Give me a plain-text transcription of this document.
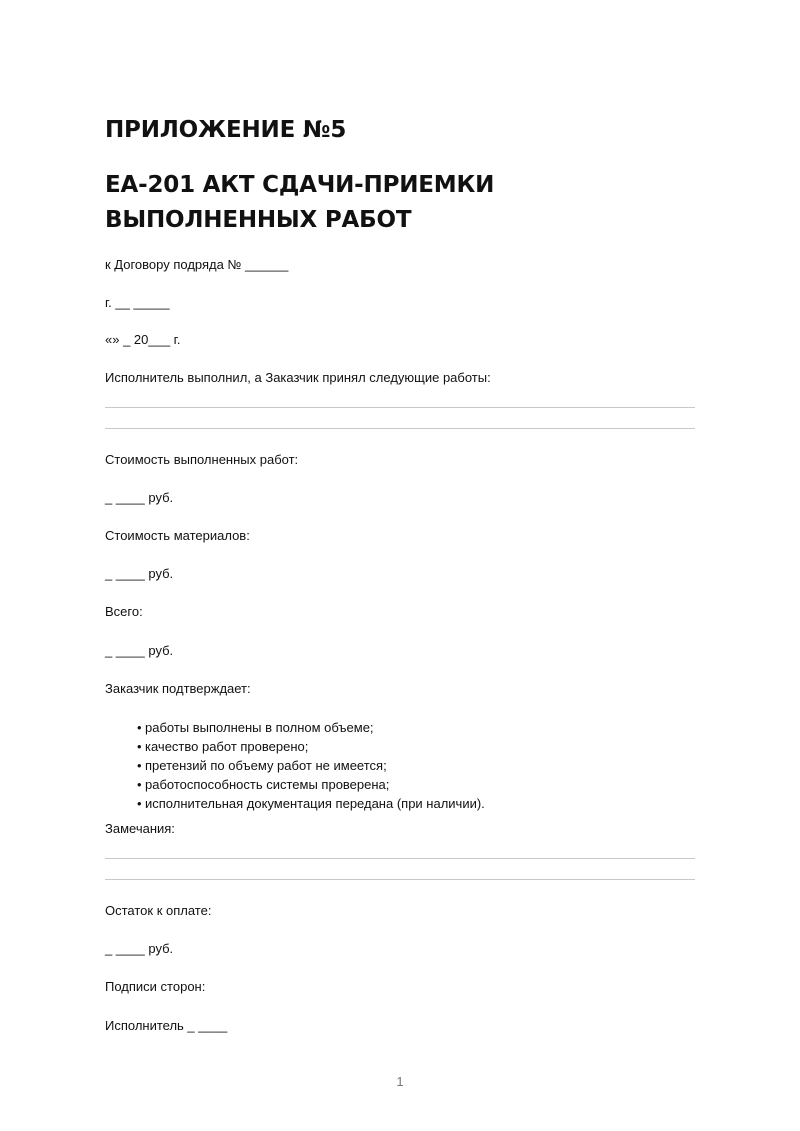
ПРИЛОЖЕНИЕ №5
ЕА-201 АКТ СДАЧИ-ПРИЕМКИ ВЫПОЛНЕННЫХ РАБОТ
к Договору подряда № ______
г. __ _____
«» _ 20___ г.
Исполнитель выполнил, а Заказчик принял следующие работы:
Стоимость выполненных работ:
_ ____ руб.
Стоимость материалов:
_ ____ руб.
Всего:
_ ____ руб.
Заказчик подтверждает:
• работы выполнены в полном объеме;
• качество работ проверено;
• претензий по объему работ не имеется;
• работоспособность системы проверена;
• исполнительная документация передана (при наличии).
Замечания:
Остаток к оплате:
_ ____ руб.
Подписи сторон:
Исполнитель _ ____
1
